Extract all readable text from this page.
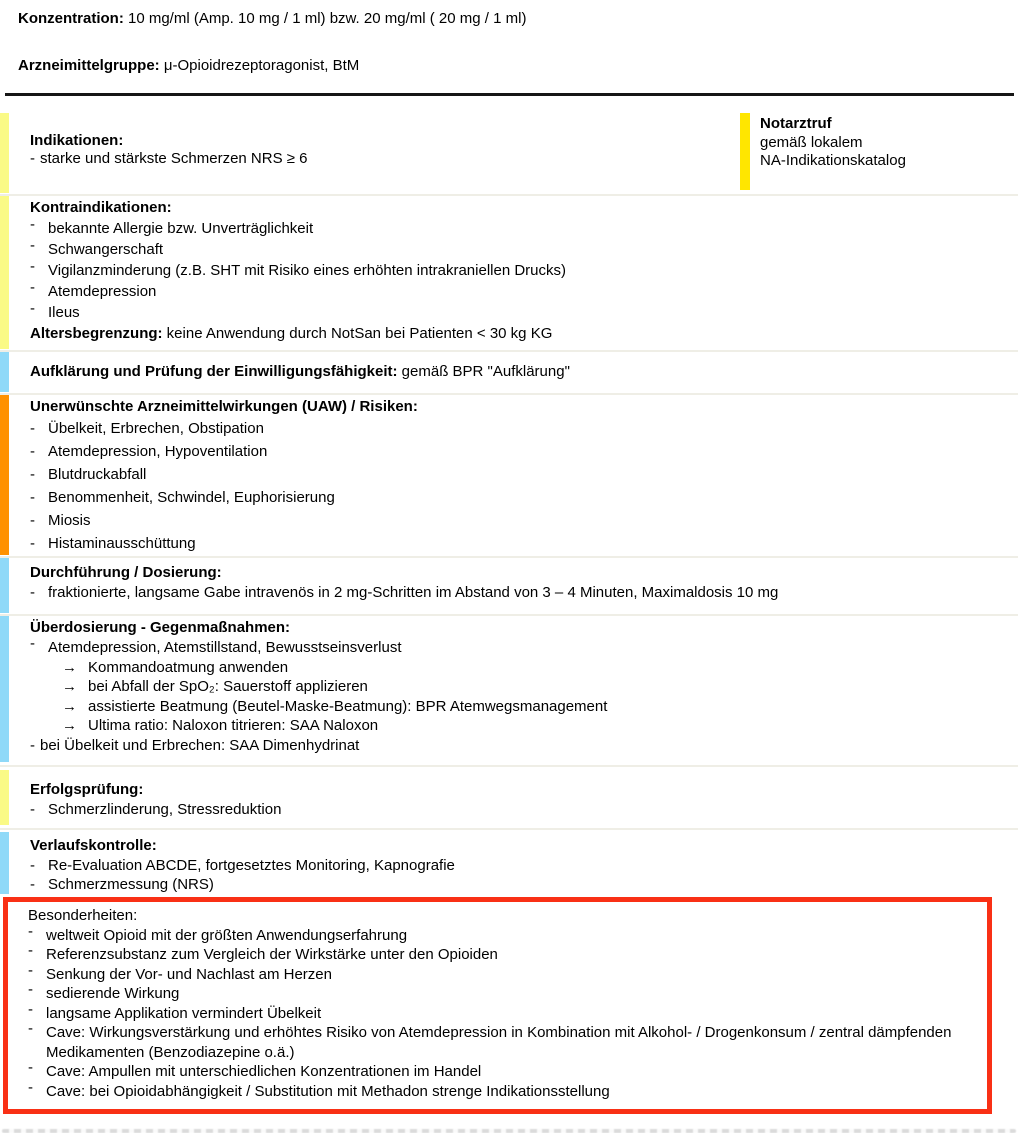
Konzentration: 10 mg/ml (Amp. 10 mg / 1 ml) bzw. 20 mg/ml ( 20 mg / 1 ml)

Arzneimittelgruppe: μ-Opioidrezeptoragonist, BtM

Indikationen:
- starke und stärkste Schmerzen NRS ≥ 6
Notarztruf
gemäß lokalem
NA-Indikationskatalog
Kontraindikationen:
- bekannte Allergie bzw. Unverträglichkeit
- Schwangerschaft
- Vigilanzminderung (z.B. SHT mit Risiko eines erhöhten intrakraniellen Drucks)
- Atemdepression
- Ileus
Altersbegrenzung: keine Anwendung durch NotSan bei Patienten < 30 kg KG
Aufklärung und Prüfung der Einwilligungsfähigkeit: gemäß BPR "Aufklärung"
Unerwünschte Arzneimittelwirkungen (UAW) / Risiken:
- Übelkeit, Erbrechen, Obstipation
- Atemdepression, Hypoventilation
- Blutdruckabfall
- Benommenheit, Schwindel, Euphorisierung
- Miosis
- Histaminausschüttung
Durchführung / Dosierung:
- fraktionierte, langsame Gabe intravenös in 2 mg-Schritten im Abstand von 3 – 4 Minuten, Maximaldosis 10 mg
Überdosierung - Gegenmaßnahmen:
- Atemdepression, Atemstillstand, Bewusstseinsverlust
→ Kommandoatmung anwenden
→ bei Abfall der SpO₂: Sauerstoff applizieren
→ assistierte Beatmung (Beutel-Maske-Beatmung): BPR Atemwegsmanagement
→ Ultima ratio: Naloxon titrieren: SAA Naloxon
- bei Übelkeit und Erbrechen: SAA Dimenhydrinat
Erfolgsprüfung:
- Schmerzlinderung, Stressreduktion
Verlaufskontrolle:
- Re-Evaluation ABCDE, fortgesetztes Monitoring, Kapnografie
- Schmerzmessung (NRS)
Besonderheiten:
- weltweit Opioid mit der größten Anwendungserfahrung
- Referenzsubstanz zum Vergleich der Wirkstärke unter den Opioiden
- Senkung der Vor- und Nachlast am Herzen
- sedierende Wirkung
- langsame Applikation vermindert Übelkeit
- Cave: Wirkungsverstärkung und erhöhtes Risiko von Atemdepression in Kombination mit Alkohol- / Drogenkonsum / zentral dämpfenden Medikamenten (Benzodiazepine o.ä.)
- Cave: Ampullen mit unterschiedlichen Konzentrationen im Handel
- Cave: bei Opioidabhängigkeit / Substitution mit Methadon strenge Indikationsstellung
